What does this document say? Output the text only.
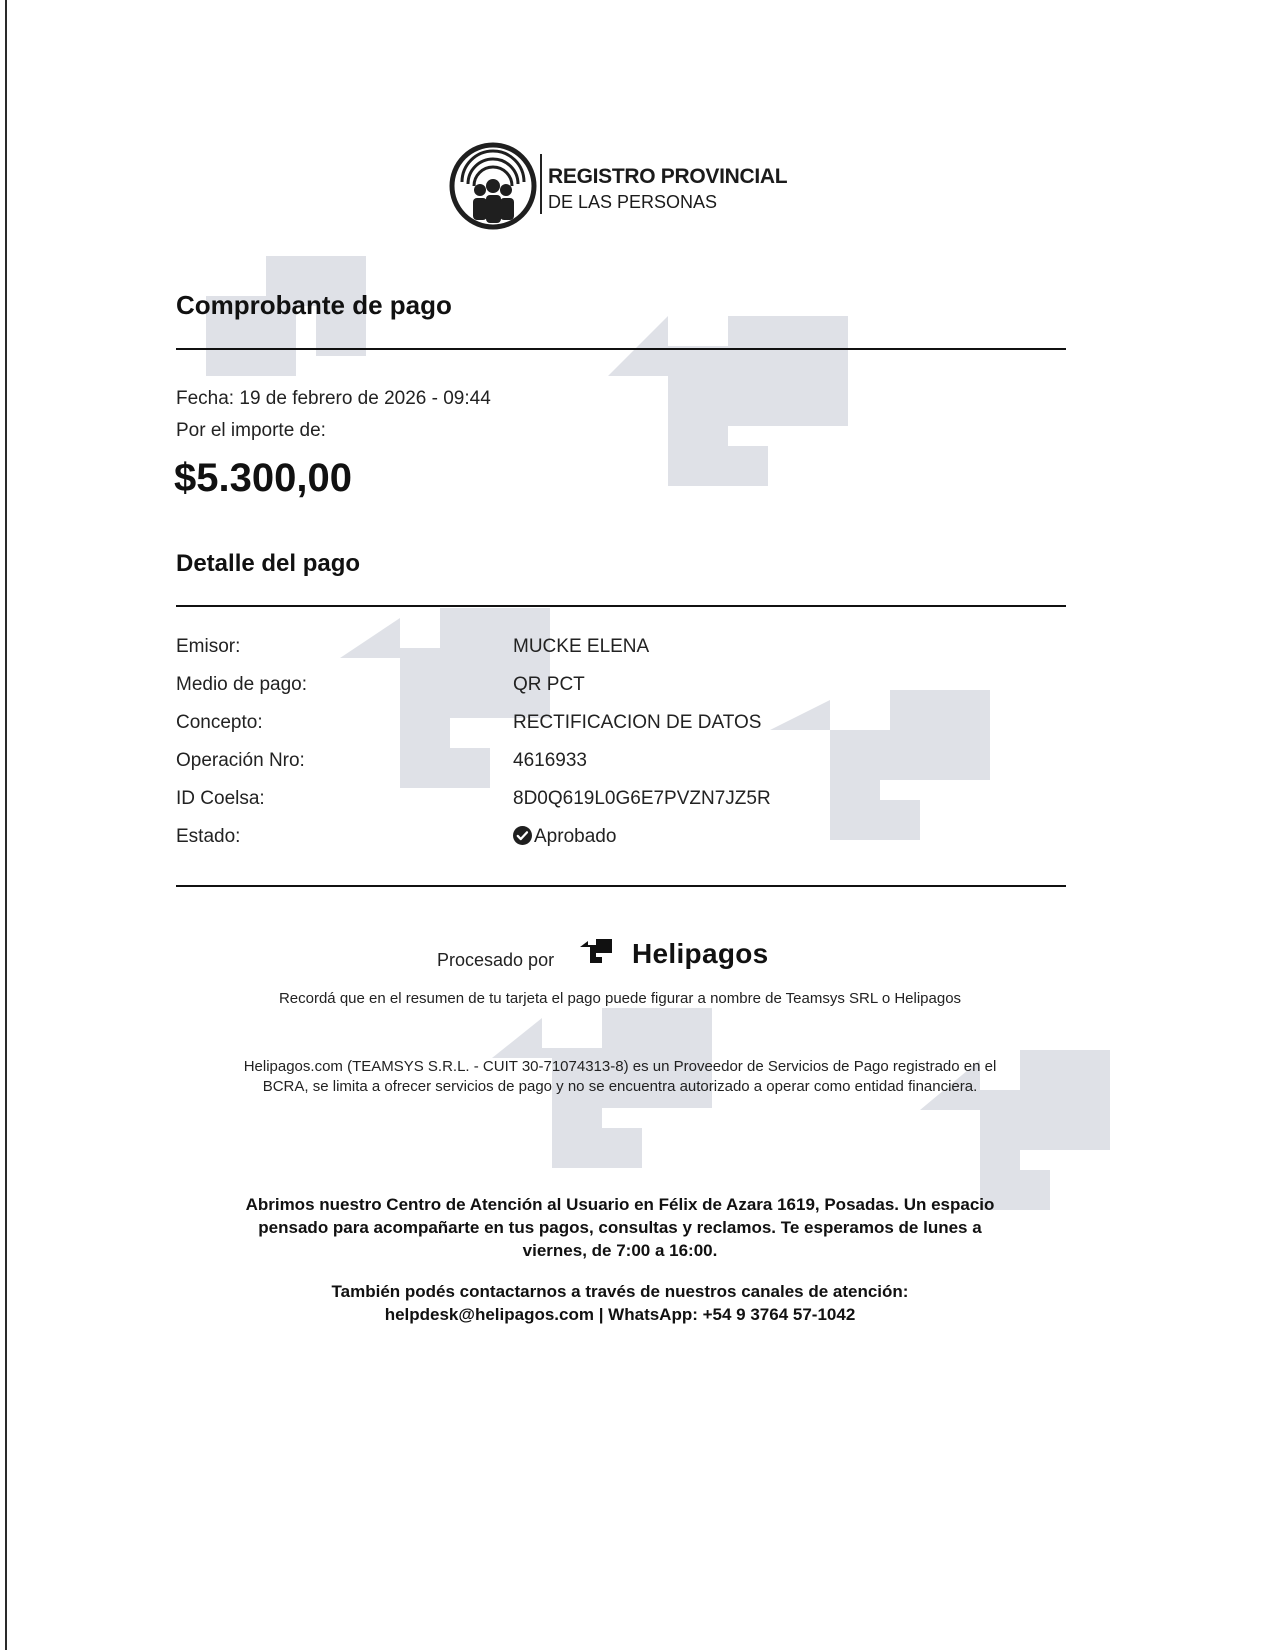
REGISTRO PROVINCIAL
DE LAS PERSONAS
Comprobante de pago
Fecha: 19 de febrero de 2026 - 09:44
Por el importe de:
$5.300,00
Detalle del pago
Emisor:	MUCKE ELENA
Medio de pago:	QR PCT
Concepto:	RECTIFICACION DE DATOS
Operación Nro:	4616933
ID Coelsa:	8D0Q619L0G6E7PVZN7JZ5R
Estado:	Aprobado
Procesado por	Helipagos
Recordá que en el resumen de tu tarjeta el pago puede figurar a nombre de Teamsys SRL o Helipagos
Helipagos.com (TEAMSYS S.R.L. - CUIT 30-71074313-8) es un Proveedor de Servicios de Pago registrado en el BCRA, se limita a ofrecer servicios de pago y no se encuentra autorizado a operar como entidad financiera.
Abrimos nuestro Centro de Atención al Usuario en Félix de Azara 1619, Posadas. Un espacio pensado para acompañarte en tus pagos, consultas y reclamos. Te esperamos de lunes a viernes, de 7:00 a 16:00.
También podés contactarnos a través de nuestros canales de atención:
helpdesk@helipagos.com | WhatsApp: +54 9 3764 57-1042
